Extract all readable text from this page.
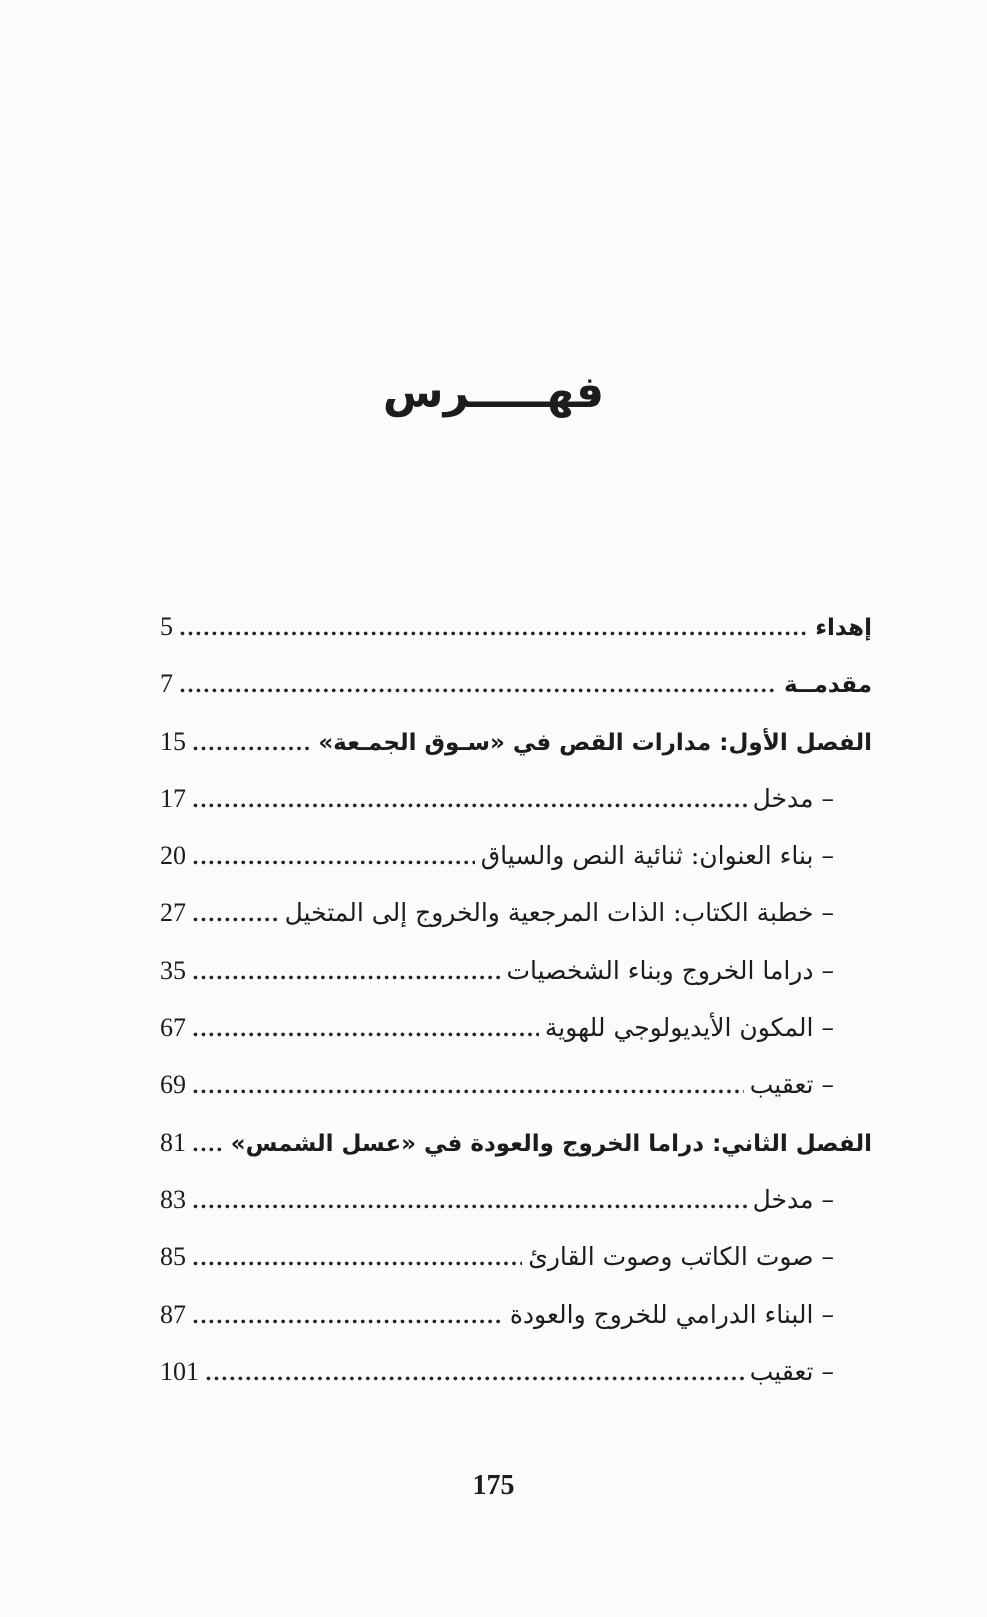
فهـــــرس
إهداء
.....
5
مقدمــة
.....
7
الفصل الأول: مدارات القص في «سـوق الجمـعة»
.....
15
–مدخل
.....
17
–بناء العنوان: ثنائية النص والسياق
.....
20
–خطبة الكتاب: الذات المرجعية والخروج إلى المتخيل
.....
27
–دراما الخروج وبناء الشخصيات
.....
35
–المكون الأيديولوجي للهوية
.....
67
–تعقيب
.....
69
الفصل الثاني: دراما الخروج والعودة في «عسل الشمس»
.....
81
–مدخل
.....
83
–صوت الكاتب وصوت القارئ
.....
85
–البناء الدرامي للخروج والعودة
.....
87
–تعقيب
.....
101
175
